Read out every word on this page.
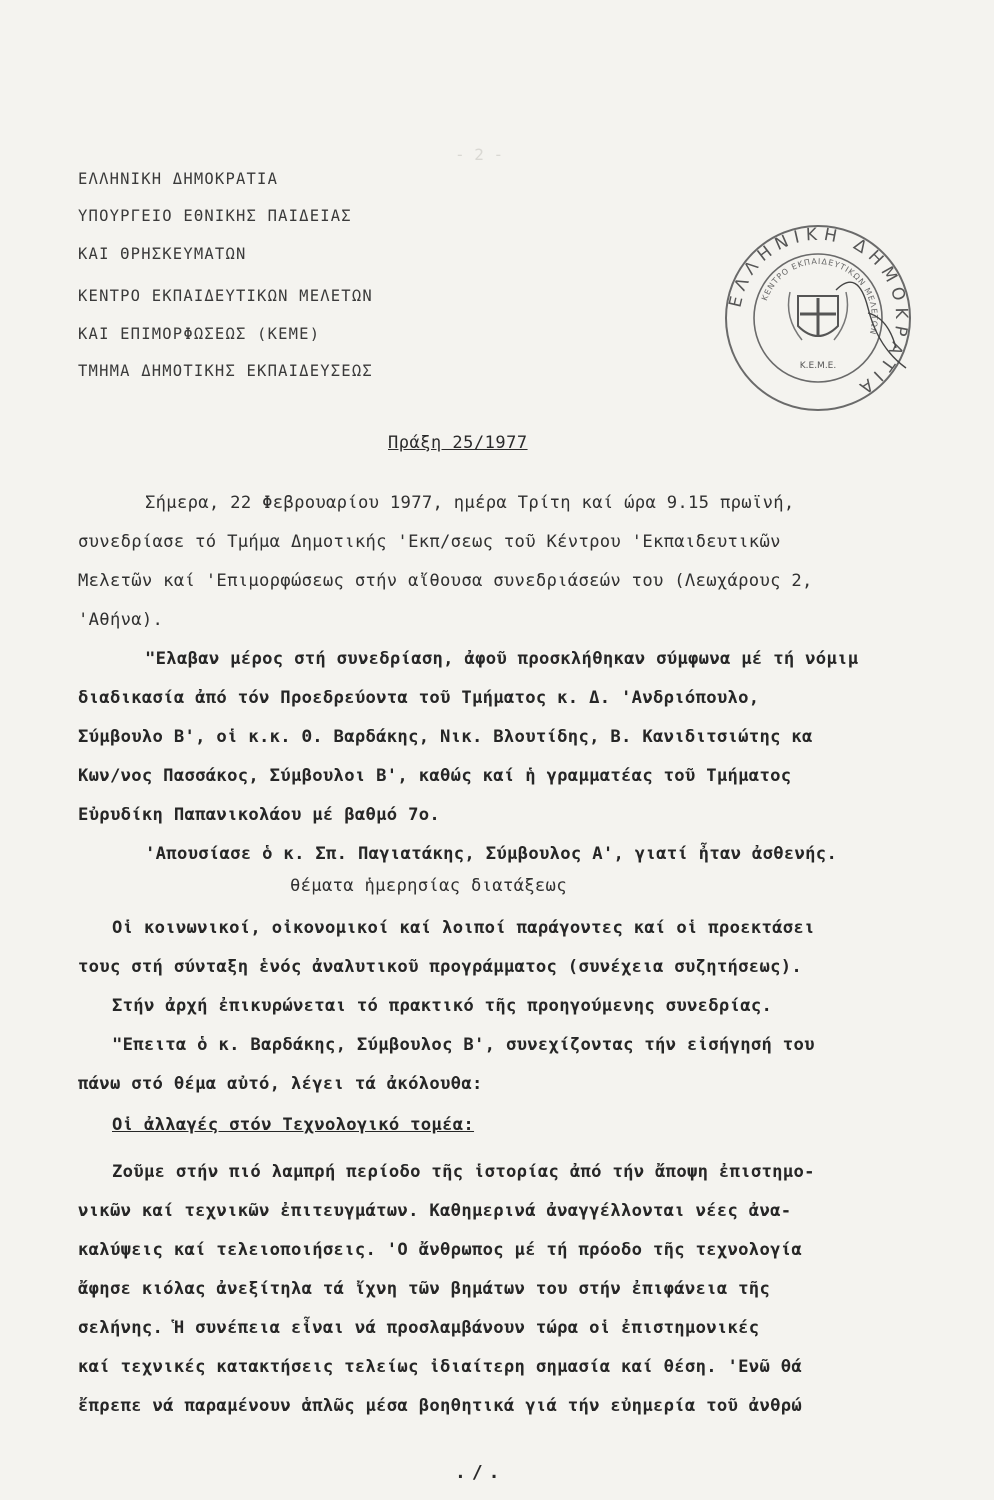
- 2 -
ΕΛΛΗΝΙΚΗ ΔΗΜΟΚΡΑΤΙΑ
ΥΠΟΥΡΓΕΙΟ ΕΘΝΙΚΗΣ ΠΑΙΔΕΙΑΣ
ΚΑΙ ΘΡΗΣΚΕΥΜΑΤΩΝ
ΚΕΝΤΡΟ ΕΚΠΑΙΔΕΥΤΙΚΩΝ ΜΕΛΕΤΩΝ
ΚΑΙ ΕΠΙΜΟΡΦΩΣΕΩΣ (ΚΕΜΕ)
ΤΜΗΜΑ ΔΗΜΟΤΙΚΗΣ ΕΚΠΑΙΔΕΥΣΕΩΣ
ΕΛΛΗΝΙΚΗ ΔΗΜΟΚΡΑΤΙΑ
ΚΕΝΤΡΟ ΕΚΠΑΙΔΕΥΤΙΚΩΝ ΜΕΛΕΤΩΝ
Κ.Ε.Μ.Ε.
Πράξη 25/1977
Σήμερα, 22 Φεβρουαρίου 1977, ημέρα Τρίτη καί ώρα 9.15 πρωϊνή,
συνεδρίασε τό Τμήμα Δημοτικής 'Εκπ/σεως τοῦ Κέντρου 'Εκπαιδευτικῶν
Μελετῶν καί 'Επιμορφώσεως στήν αἴθουσα συνεδριάσεών του (Λεωχάρους 2,
'Αθήνα).
"Ελαβαν μέρος στή συνεδρίαση, ἀφοῦ προσκλήθηκαν σύμφωνα μέ τή νόμιμ
διαδικασία ἀπό τόν Προεδρεύοντα τοῦ Τμήματος κ. Δ. 'Ανδριόπουλο,
Σύμβουλο Β', οἱ κ.κ. Θ. Βαρδάκης, Νικ. Βλουτίδης, Β. Κανιδιτσιώτης κα
Κων/νος Πασσάκος, Σύμβουλοι Β', καθώς καί ἡ γραμματέας τοῦ Τμήματος
Εὐρυδίκη Παπανικολάου μέ βαθμό 7ο.
'Απουσίασε ὁ κ. Σπ. Παγιατάκης, Σύμβουλος Α', γιατί ἦταν ἀσθενής.
θέματα ἡμερησίας διατάξεως
Οἱ κοινωνικοί, οἰκονομικοί καί λοιποί παράγοντες καί οἱ προεκτάσει
τους στή σύνταξη ἑνός ἀναλυτικοῦ προγράμματος (συνέχεια συζητήσεως).
Στήν ἀρχή ἐπικυρώνεται τό πρακτικό τῆς προηγούμενης συνεδρίας.
"Επειτα ὁ κ. Βαρδάκης, Σύμβουλος Β', συνεχίζοντας τήν εἰσήγησή του
πάνω στό θέμα αὐτό, λέγει τά ἀκόλουθα:
Οἱ ἀλλαγές στόν Τεχνολογικό τομέα:
Ζοῦμε στήν πιό λαμπρή περίοδο τῆς ἱστορίας ἀπό τήν ἄποψη ἐπιστημο-
νικῶν καί τεχνικῶν ἐπιτευγμάτων. Καθημερινά ἀναγγέλλονται νέες ἀνα-
καλύψεις καί τελειοποιήσεις. 'Ο ἄνθρωπος μέ τή πρόοδο τῆς τεχνολογία
ἄφησε κιόλας ἀνεξίτηλα τά ἴχνη τῶν βημάτων του στήν ἐπιφάνεια τῆς
σελήνης. Ἡ συνέπεια εἶναι νά προσλαμβάνουν τώρα οἱ ἐπιστημονικές
καί τεχνικές κατακτήσεις τελείως ἰδιαίτερη σημασία καί θέση. 'Ενῶ θά
ἔπρεπε νά παραμένουν ἁπλῶς μέσα βοηθητικά γιά τήν εὐημερία τοῦ ἀνθρώ
./.
